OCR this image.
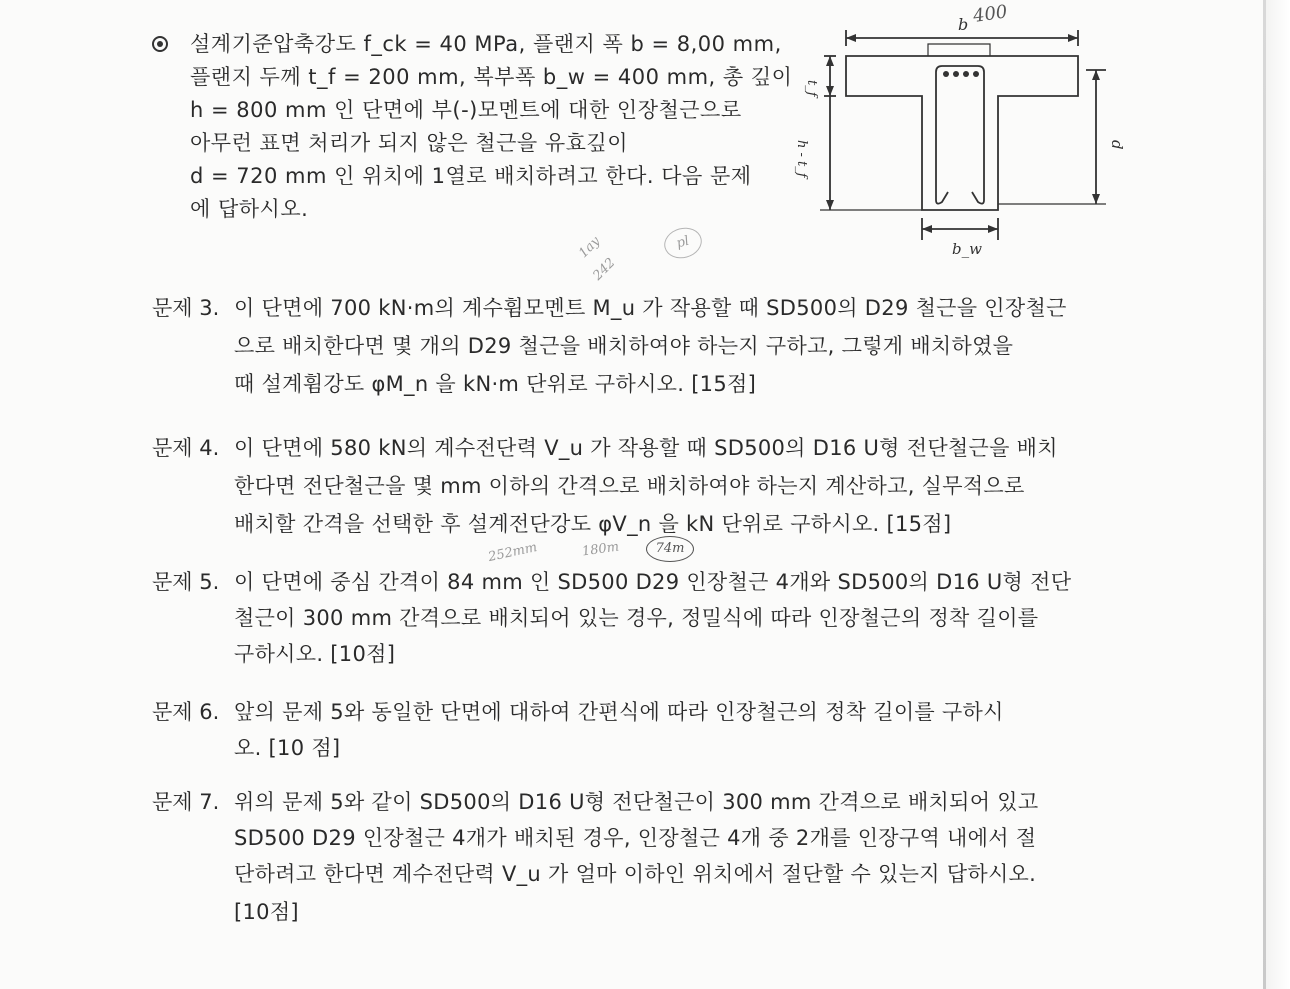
설계기준압축강도 f_ck = 40 MPa, 플랜지 폭 b = 8,00 mm,
플랜지 두께 t_f = 200 mm, 복부폭 b_w = 400 mm, 총 깊이
h = 800 mm 인 단면에 부(-)모멘트에 대한 인장철근으로
아무런 표면 처리가 되지 않은 철근을 유효깊이
d = 720 mm 인 위치에 1열로 배치하려고 한다. 다음 문제
에 답하시오.
b 400
t_f
h - t_f	d
b_w
1ay
242
pl
252mm	180m	74m
문제 3. 이 단면에 700 kN·m의 계수휨모멘트 M_u 가 작용할 때 SD500의 D29 철근을 인장철근
으로 배치한다면 몇 개의 D29 철근을 배치하여야 하는지 구하고, 그렇게 배치하였을
때 설계휨강도 φM_n 을 kN·m 단위로 구하시오. [15점]
문제 4. 이 단면에 580 kN의 계수전단력 V_u 가 작용할 때 SD500의 D16 U형 전단철근을 배치
한다면 전단철근을 몇 mm 이하의 간격으로 배치하여야 하는지 계산하고, 실무적으로
배치할 간격을 선택한 후 설계전단강도 φV_n 을 kN 단위로 구하시오. [15점]
문제 5. 이 단면에 중심 간격이 84 mm 인 SD500 D29 인장철근 4개와 SD500의 D16 U형 전단
철근이 300 mm 간격으로 배치되어 있는 경우, 정밀식에 따라 인장철근의 정착 길이를
구하시오. [10점]
문제 6. 앞의 문제 5와 동일한 단면에 대하여 간편식에 따라 인장철근의 정착 길이를 구하시
오. [10 점]
문제 7. 위의 문제 5와 같이 SD500의 D16 U형 전단철근이 300 mm 간격으로 배치되어 있고
SD500 D29 인장철근 4개가 배치된 경우, 인장철근 4개 중 2개를 인장구역 내에서 절
단하려고 한다면 계수전단력 V_u 가 얼마 이하인 위치에서 절단할 수 있는지 답하시오.
[10점]
